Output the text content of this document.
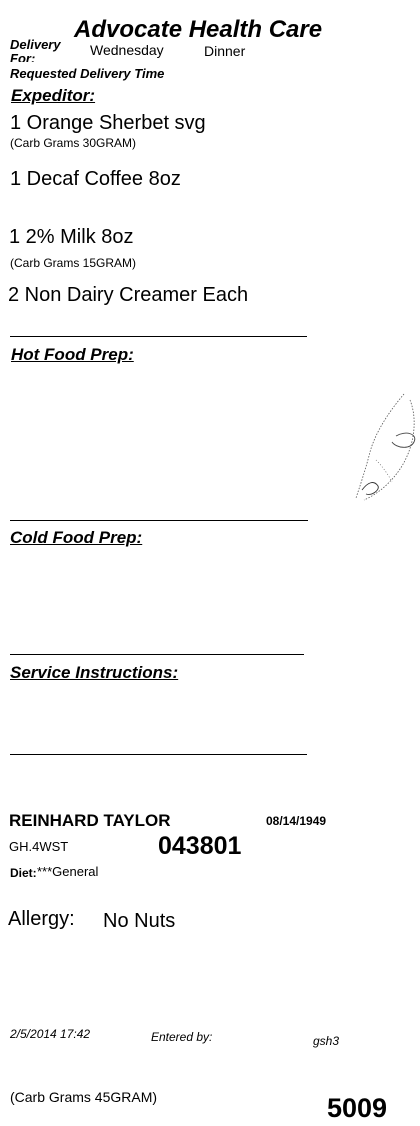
Advocate Health Care
Delivery
For:
Wednesday	Dinner
Requested Delivery Time
Expeditor:
1 Orange Sherbet svg
(Carb Grams 30GRAM)
1 Decaf Coffee 8oz
1 2% Milk 8oz
(Carb Grams 15GRAM)
2 Non Dairy Creamer Each
Hot Food Prep:
Cold Food Prep:
Service Instructions:
REINHARD TAYLOR	08/14/1949
GH.4WST	043801
Diet: ***General
Allergy: No Nuts
2/5/2014 17:42	Entered by:	gsh3
(Carb Grams 45GRAM)	5009
